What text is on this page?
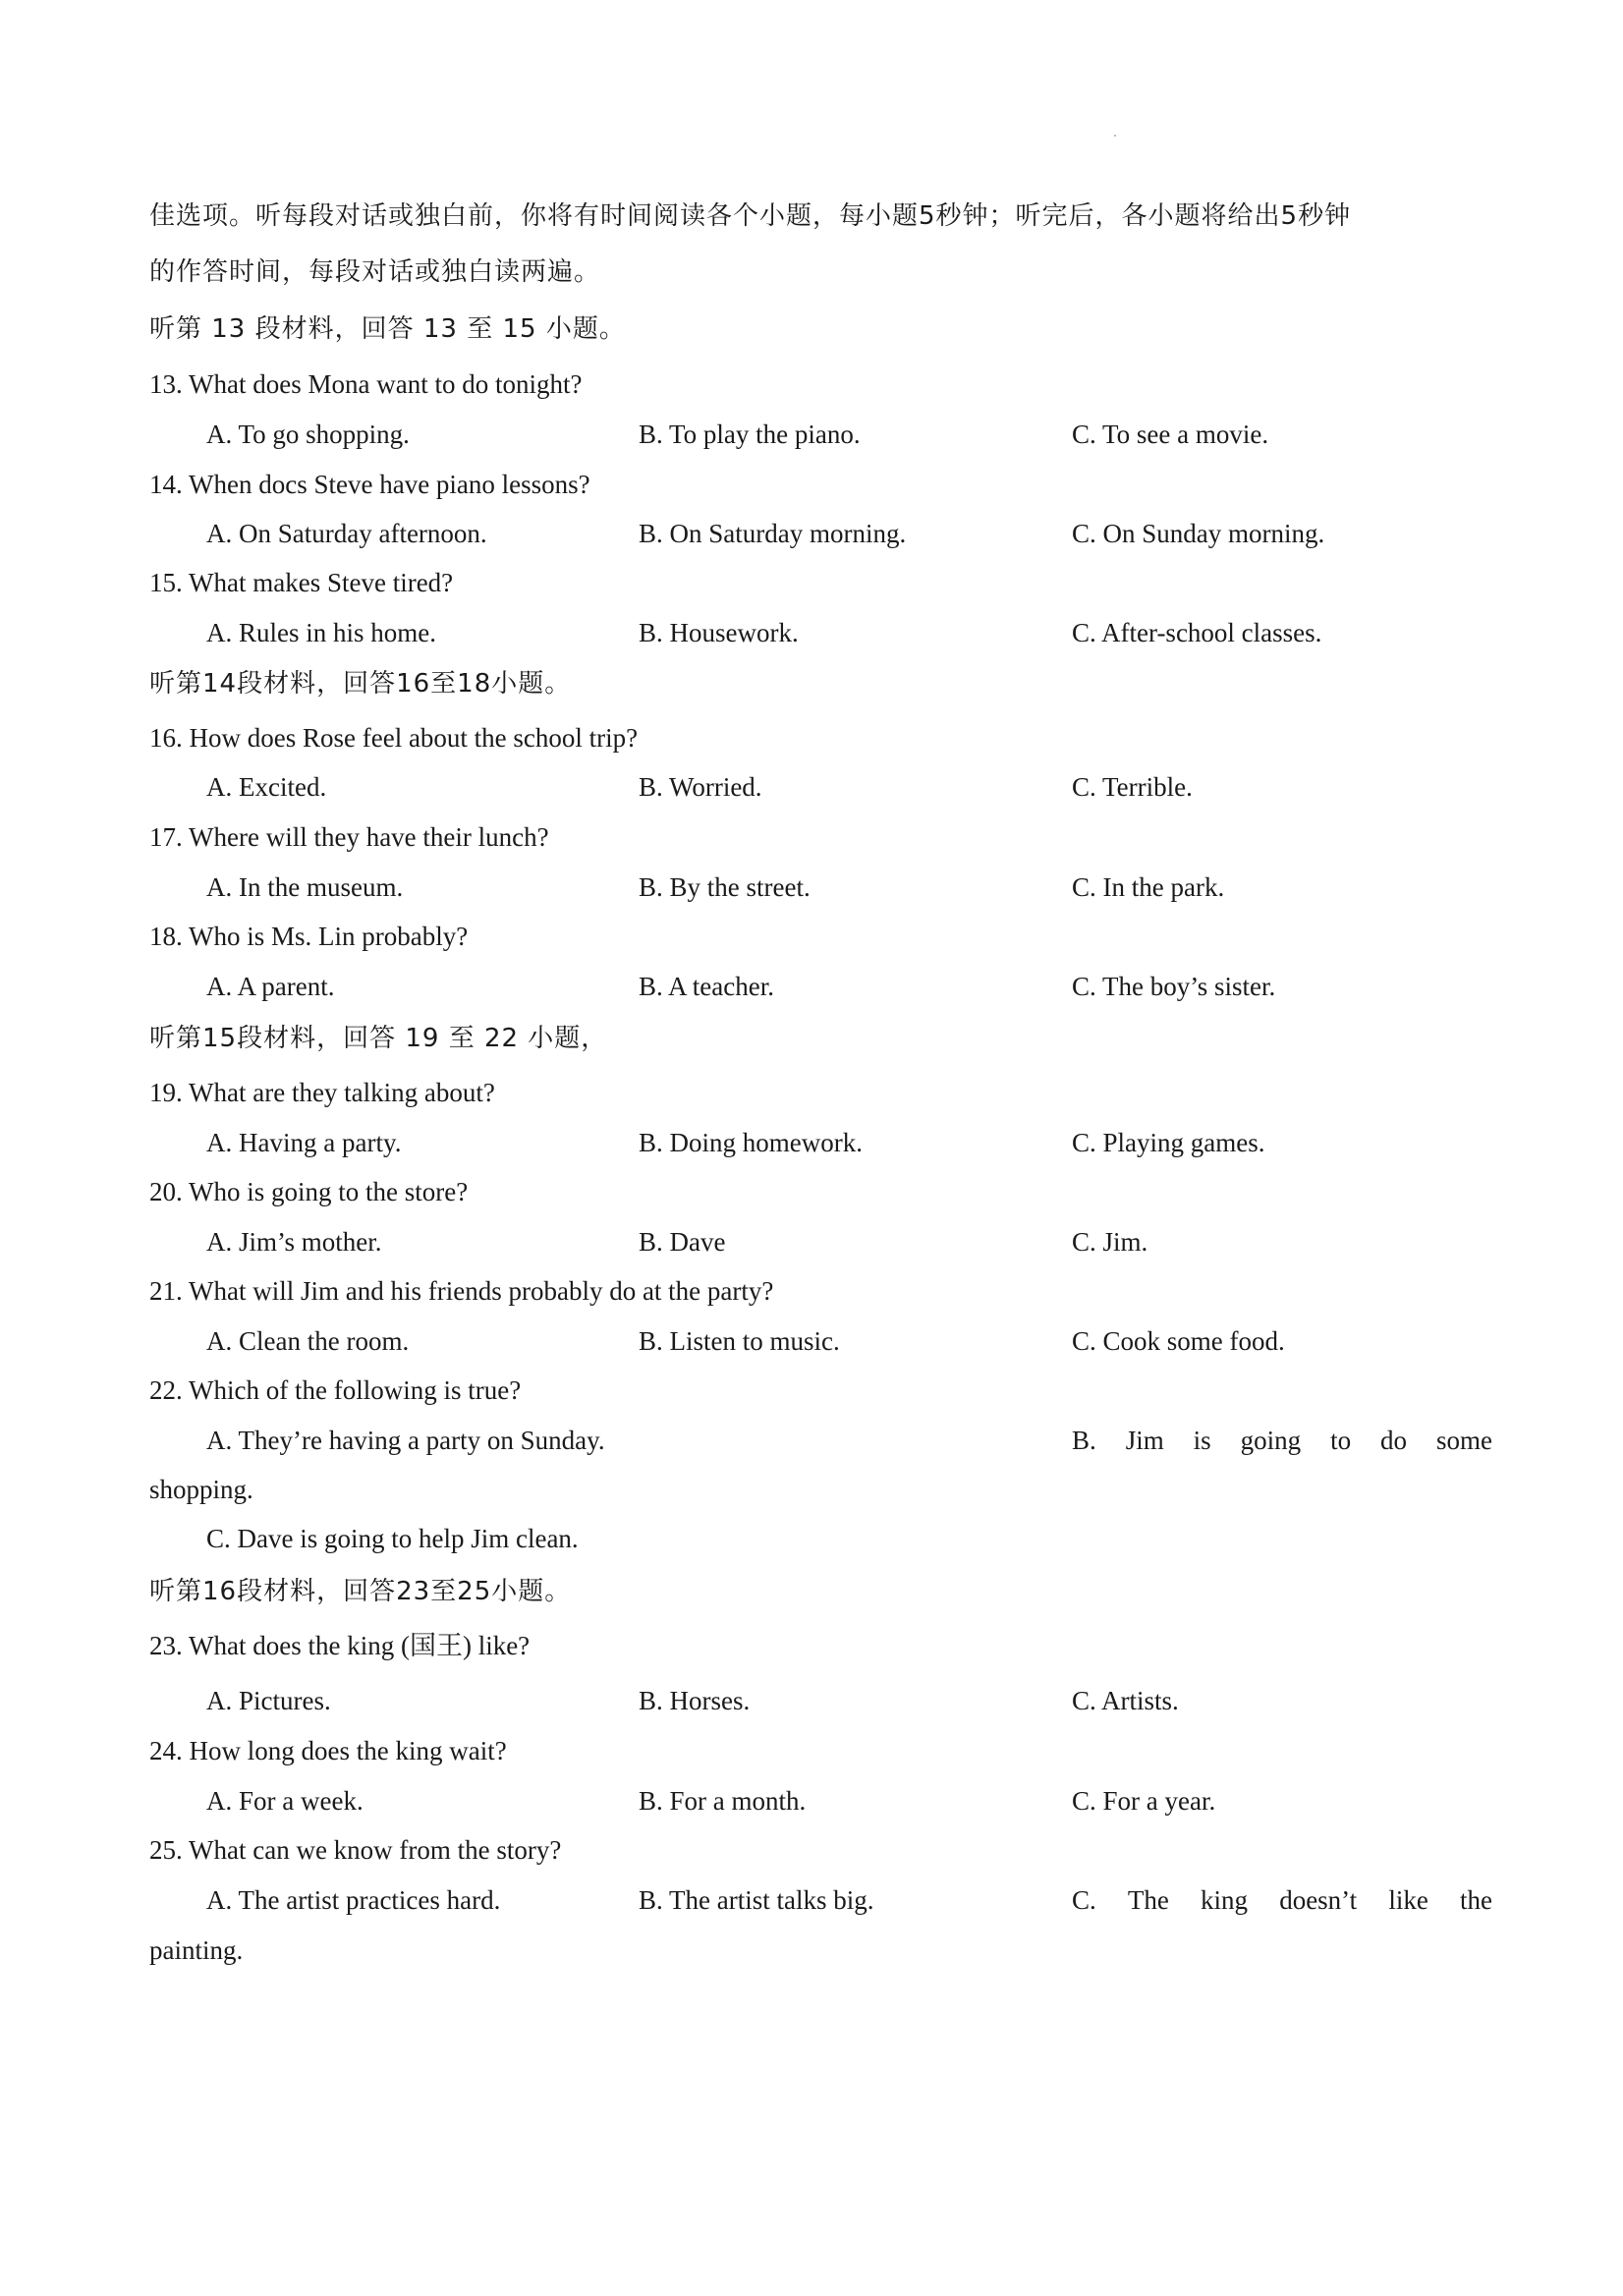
佳选项。听每段对话或独白前，你将有时间阅读各个小题，每小题5秒钟；听完后，各小题将给出5秒钟
的作答时间，每段对话或独白读两遍。
听第 13 段材料，回答 13 至 15 小题。
13. What does Mona want to do tonight?
A. To go shopping.	B. To play the piano.	C. To see a movie.
14. When docs Steve have piano lessons?
A. On Saturday afternoon.	B. On Saturday morning.	C. On Sunday morning.
15. What makes Steve tired?
A. Rules in his home.	B. Housework.	C. After-school classes.
听第14段材料，回答16至18小题。
16. How does Rose feel about the school trip?
A. Excited.	B. Worried.	C. Terrible.
17. Where will they have their lunch?
A. In the museum.	B. By the street.	C. In the park.
18. Who is Ms. Lin probably?
A. A parent.	B. A teacher.	C. The boy’s sister.
听第15段材料，回答 19 至 22 小题，
19. What are they talking about?
A. Having a party.	B. Doing homework.	C. Playing games.
20. Who is going to the store?
A. Jim’s mother.	B. Dave	C. Jim.
21. What will Jim and his friends probably do at the party?
A. Clean the room.	B. Listen to music.	C. Cook some food.
22. Which of the following is true?
A. They’re having a party on Sunday.	B. Jim is going to do some
shopping.
C. Dave is going to help Jim clean.
听第16段材料，回答23至25小题。
23. What does the king (国王) like?
A. Pictures.	B. Horses.	C. Artists.
24. How long does the king wait?
A. For a week.	B. For a month.	C. For a year.
25. What can we know from the story?
A. The artist practices hard.	B. The artist talks big.	C. The king doesn’t like the
painting.
